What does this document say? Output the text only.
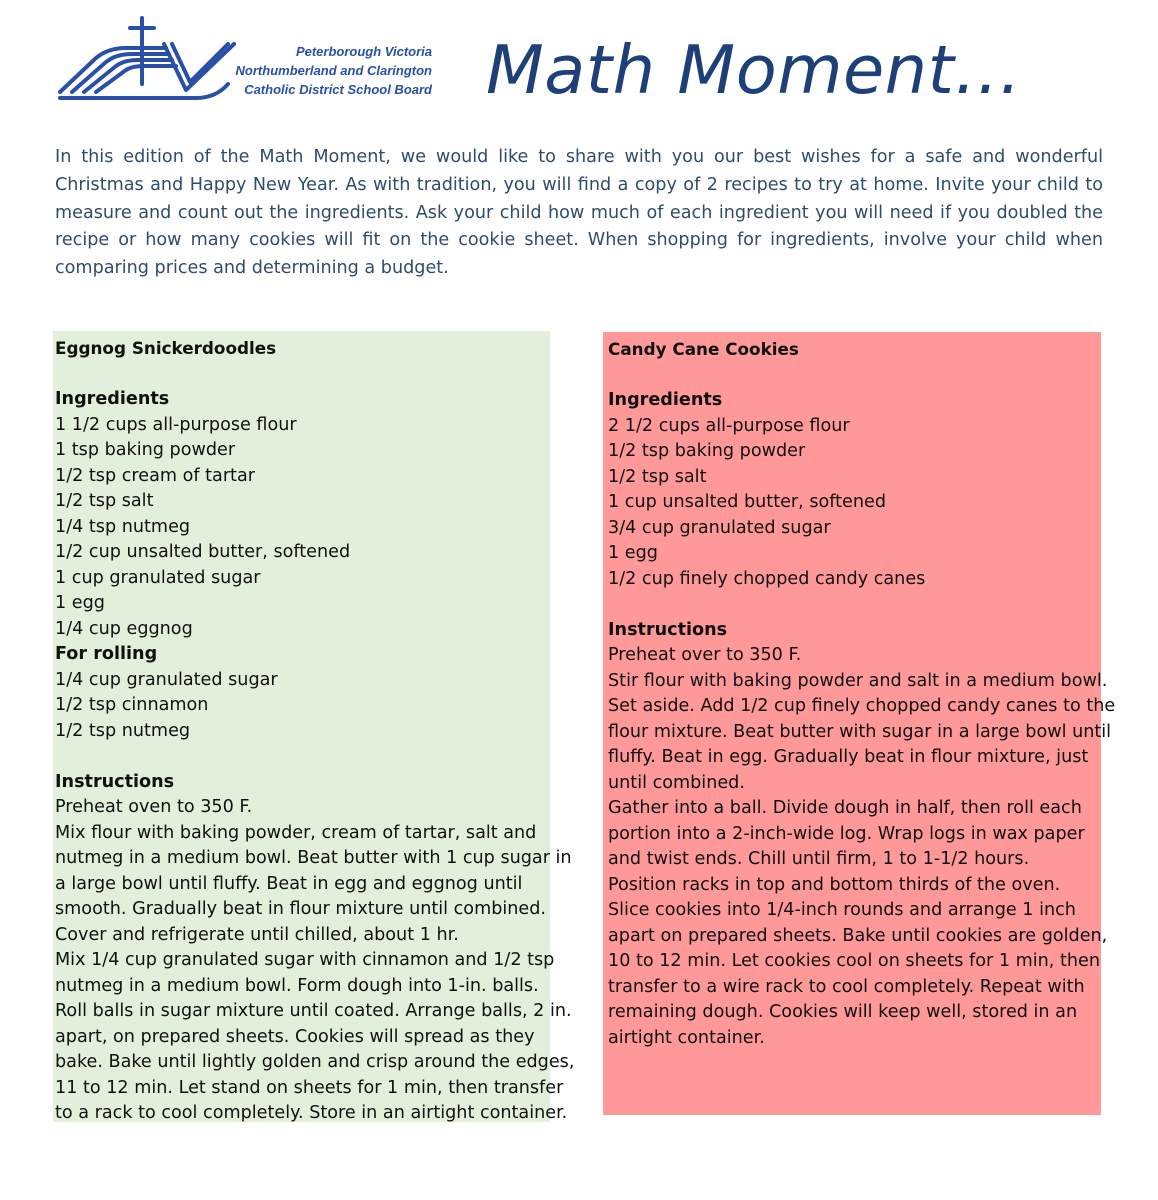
Peterborough Victoria
Northumberland and Clarington
Catholic District School Board Math Moment…

In this edition of the Math Moment, we would like to share with you our best wishes for a safe and wonderful Christmas and Happy New Year. As with tradition, you will find a copy of 2 recipes to try at home. Invite your child to measure and count out the ingredients. Ask your child how much of each ingredient you will need if you doubled the recipe or how many cookies will fit on the cookie sheet. When shopping for ingredients, involve your child when comparing prices and determining a budget.

Eggnog Snickerdoodles
Ingredients
1 1/2 cups all-purpose flour
1 tsp baking powder
1/2 tsp cream of tartar
1/2 tsp salt
1/4 tsp nutmeg
1/2 cup unsalted butter, softened
1 cup granulated sugar
1 egg
1/4 cup eggnog
For rolling
1/4 cup granulated sugar
1/2 tsp cinnamon
1/2 tsp nutmeg
Instructions
Preheat oven to 350 F.
Mix flour with baking powder, cream of tartar, salt and
nutmeg in a medium bowl. Beat butter with 1 cup sugar in
a large bowl until fluffy. Beat in egg and eggnog until
smooth. Gradually beat in flour mixture until combined.
Cover and refrigerate until chilled, about 1 hr.
Mix 1/4 cup granulated sugar with cinnamon and 1/2 tsp
nutmeg in a medium bowl. Form dough into 1-in. balls.
Roll balls in sugar mixture until coated. Arrange balls, 2 in.
apart, on prepared sheets. Cookies will spread as they
bake. Bake until lightly golden and crisp around the edges,
11 to 12 min. Let stand on sheets for 1 min, then transfer
to a rack to cool completely. Store in an airtight container.
Candy Cane Cookies
Ingredients
2 1/2 cups all-purpose flour
1/2 tsp baking powder
1/2 tsp salt
1 cup unsalted butter, softened
3/4 cup granulated sugar
1 egg
1/2 cup finely chopped candy canes
Instructions
Preheat over to 350 F.
Stir flour with baking powder and salt in a medium bowl.
Set aside. Add 1/2 cup finely chopped candy canes to the
flour mixture. Beat butter with sugar in a large bowl until
fluffy. Beat in egg. Gradually beat in flour mixture, just
until combined.
Gather into a ball. Divide dough in half, then roll each
portion into a 2-inch-wide log. Wrap logs in wax paper
and twist ends. Chill until firm, 1 to 1-1/2 hours.
Position racks in top and bottom thirds of the oven.
Slice cookies into 1/4-inch rounds and arrange 1 inch
apart on prepared sheets. Bake until cookies are golden,
10 to 12 min. Let cookies cool on sheets for 1 min, then
transfer to a wire rack to cool completely. Repeat with
remaining dough. Cookies will keep well, stored in an
airtight container.
